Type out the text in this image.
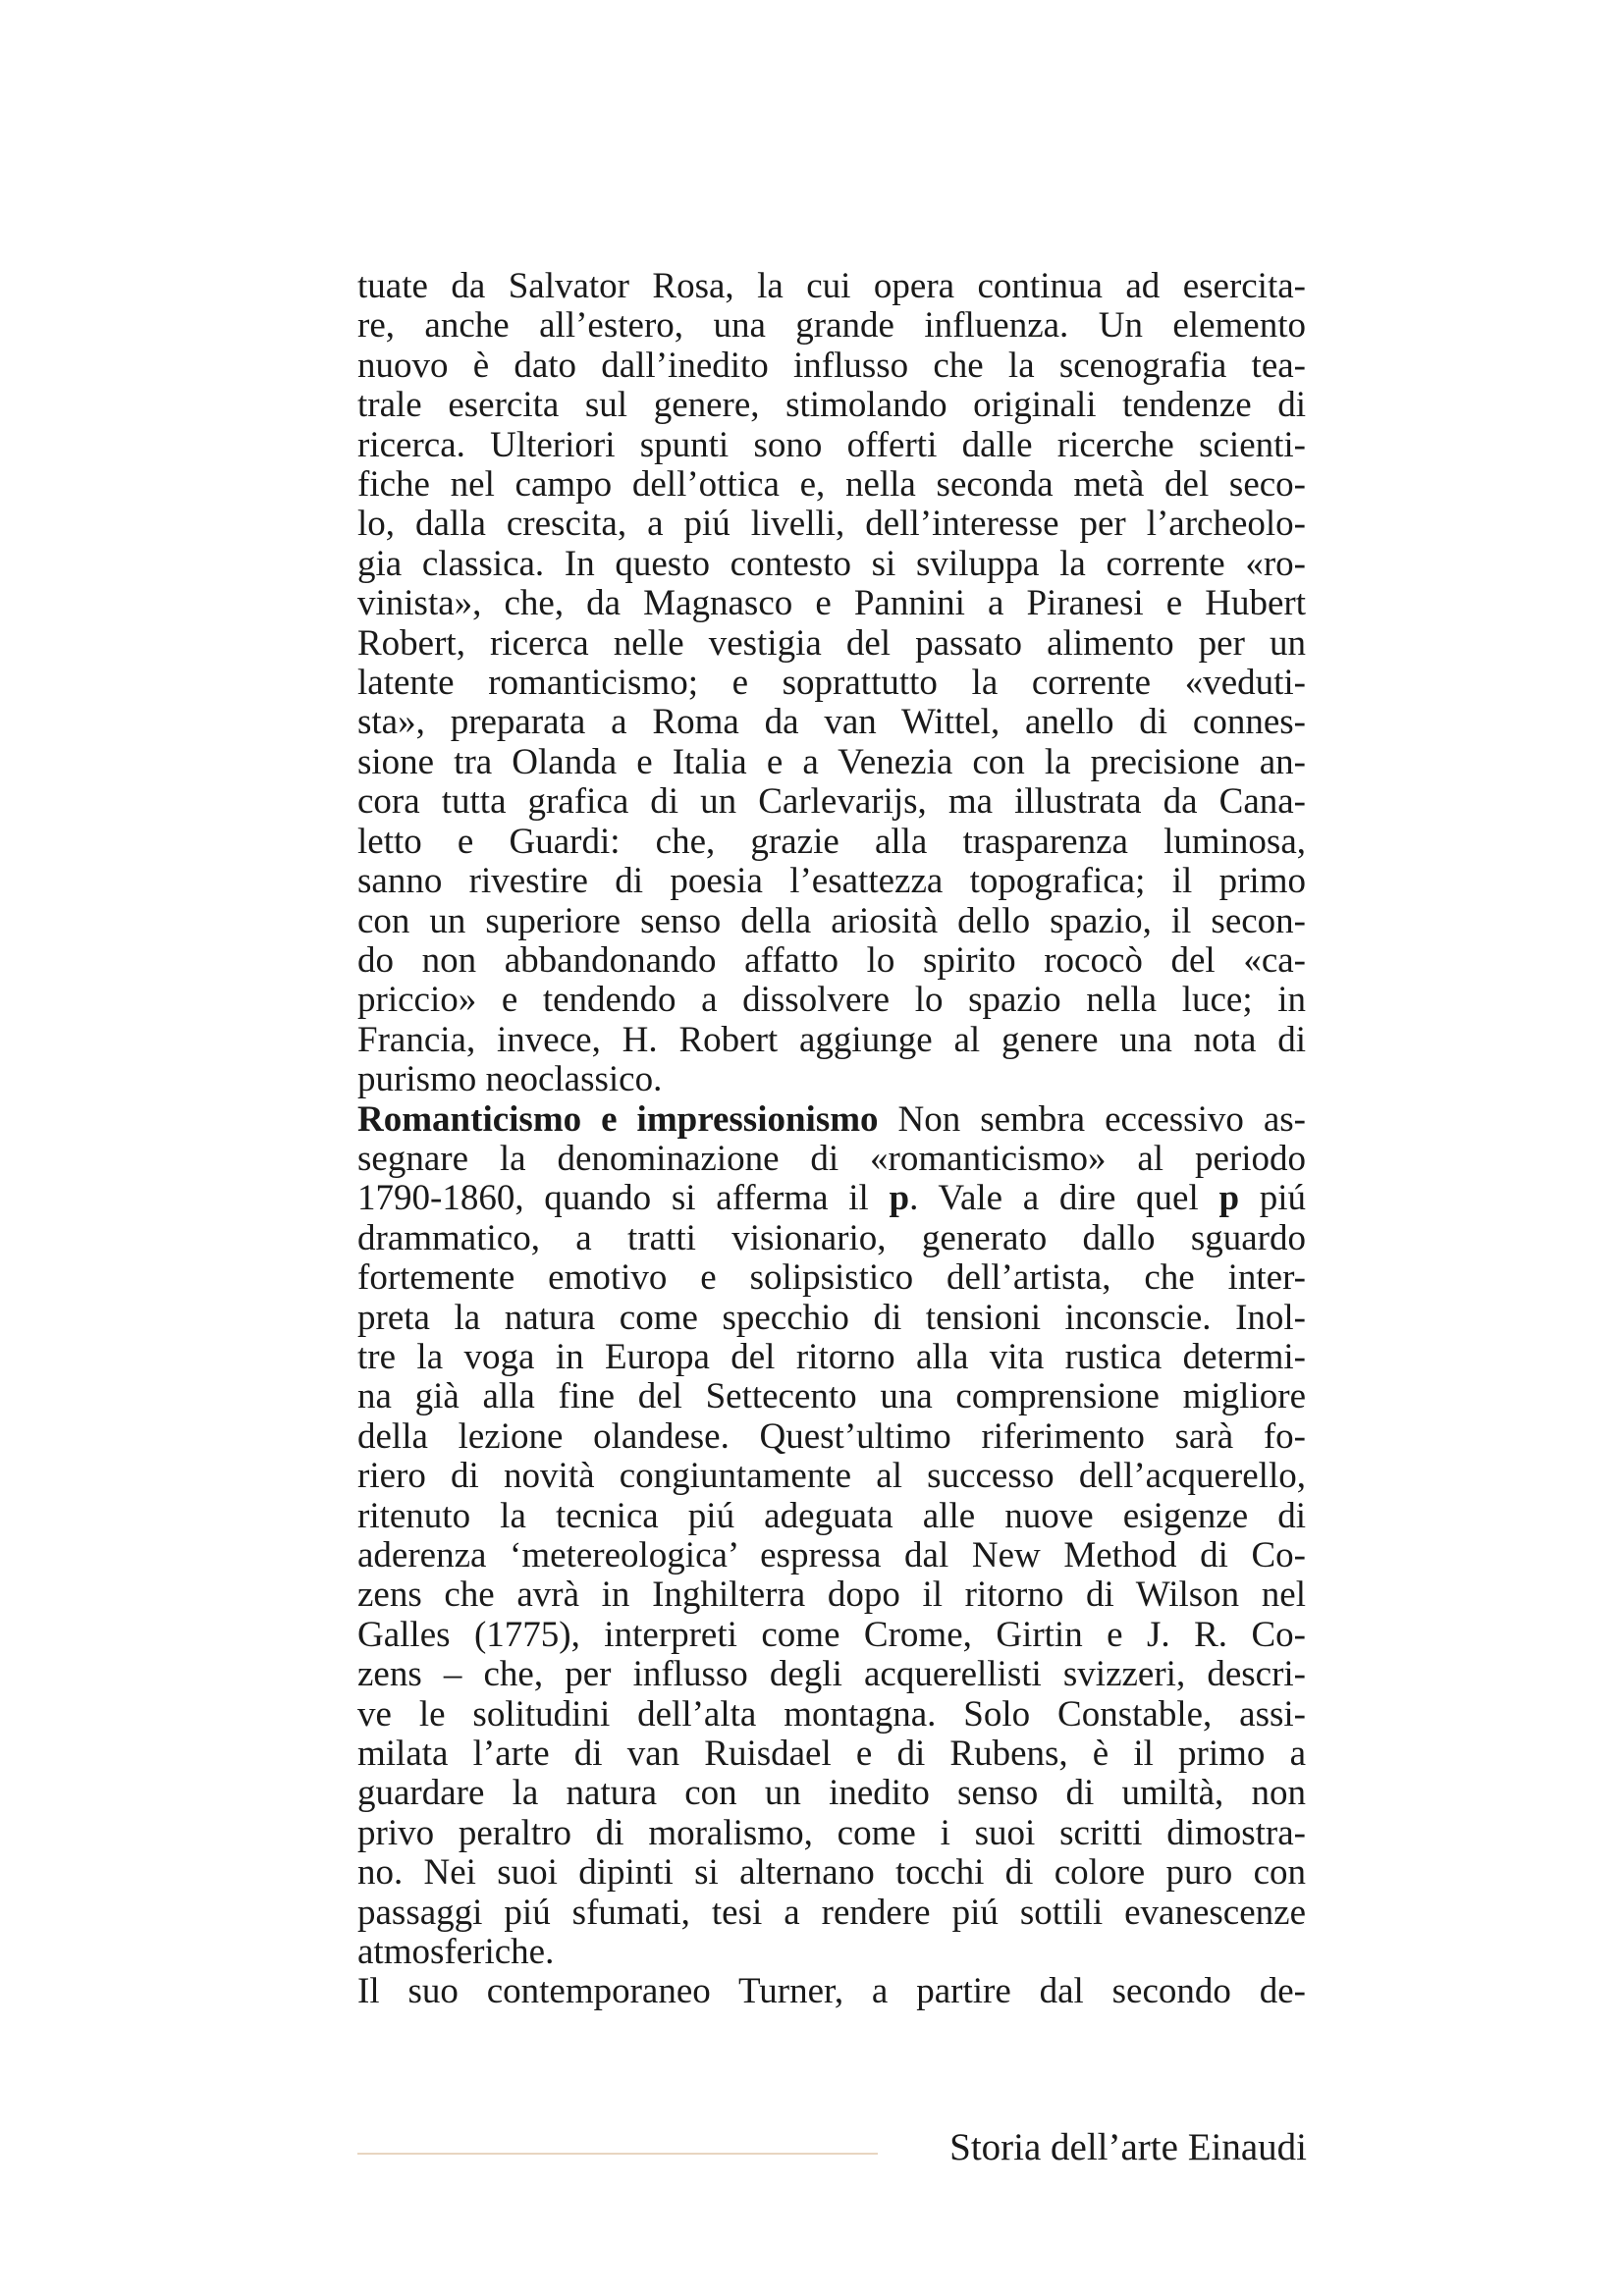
tuate da Salvator Rosa, la cui opera continua ad esercita-
re, anche all’estero, una grande influenza. Un elemento
nuovo è dato dall’inedito influsso che la scenografia tea-
trale esercita sul genere, stimolando originali tendenze di
ricerca. Ulteriori spunti sono offerti dalle ricerche scienti-
fiche nel campo dell’ottica e, nella seconda metà del seco-
lo, dalla crescita, a piú livelli, dell’interesse per l’archeolo-
gia classica. In questo contesto si sviluppa la corrente «ro-
vinista», che, da Magnasco e Pannini a Piranesi e Hubert
Robert, ricerca nelle vestigia del passato alimento per un
latente romanticismo; e soprattutto la corrente «veduti-
sta», preparata a Roma da van Wittel, anello di connes-
sione tra Olanda e Italia e a Venezia con la precisione an-
cora tutta grafica di un Carlevarijs, ma illustrata da Cana-
letto e Guardi: che, grazie alla trasparenza luminosa,
sanno rivestire di poesia l’esattezza topografica; il primo
con un superiore senso della ariosità dello spazio, il secon-
do non abbandonando affatto lo spirito rococò del «ca-
priccio» e tendendo a dissolvere lo spazio nella luce; in
Francia, invece, H. Robert aggiunge al genere una nota di
purismo neoclassico.
Romanticismo e impressionismo Non sembra eccessivo as-
segnare la denominazione di «romanticismo» al periodo
1790-1860, quando si afferma il p. Vale a dire quel p piú
drammatico, a tratti visionario, generato dallo sguardo
fortemente emotivo e solipsistico dell’artista, che inter-
preta la natura come specchio di tensioni inconscie. Inol-
tre la voga in Europa del ritorno alla vita rustica determi-
na già alla fine del Settecento una comprensione migliore
della lezione olandese. Quest’ultimo riferimento sarà fo-
riero di novità congiuntamente al successo dell’acquerello,
ritenuto la tecnica piú adeguata alle nuove esigenze di
aderenza ‘metereologica’ espressa dal New Method di Co-
zens che avrà in Inghilterra dopo il ritorno di Wilson nel
Galles (1775), interpreti come Crome, Girtin e J. R. Co-
zens – che, per influsso degli acquerellisti svizzeri, descri-
ve le solitudini dell’alta montagna. Solo Constable, assi-
milata l’arte di van Ruisdael e di Rubens, è il primo a
guardare la natura con un inedito senso di umiltà, non
privo peraltro di moralismo, come i suoi scritti dimostra-
no. Nei suoi dipinti si alternano tocchi di colore puro con
passaggi piú sfumati, tesi a rendere piú sottili evanescenze
atmosferiche.
Il suo contemporaneo Turner, a partire dal secondo de-
Storia dell’arte Einaudi
